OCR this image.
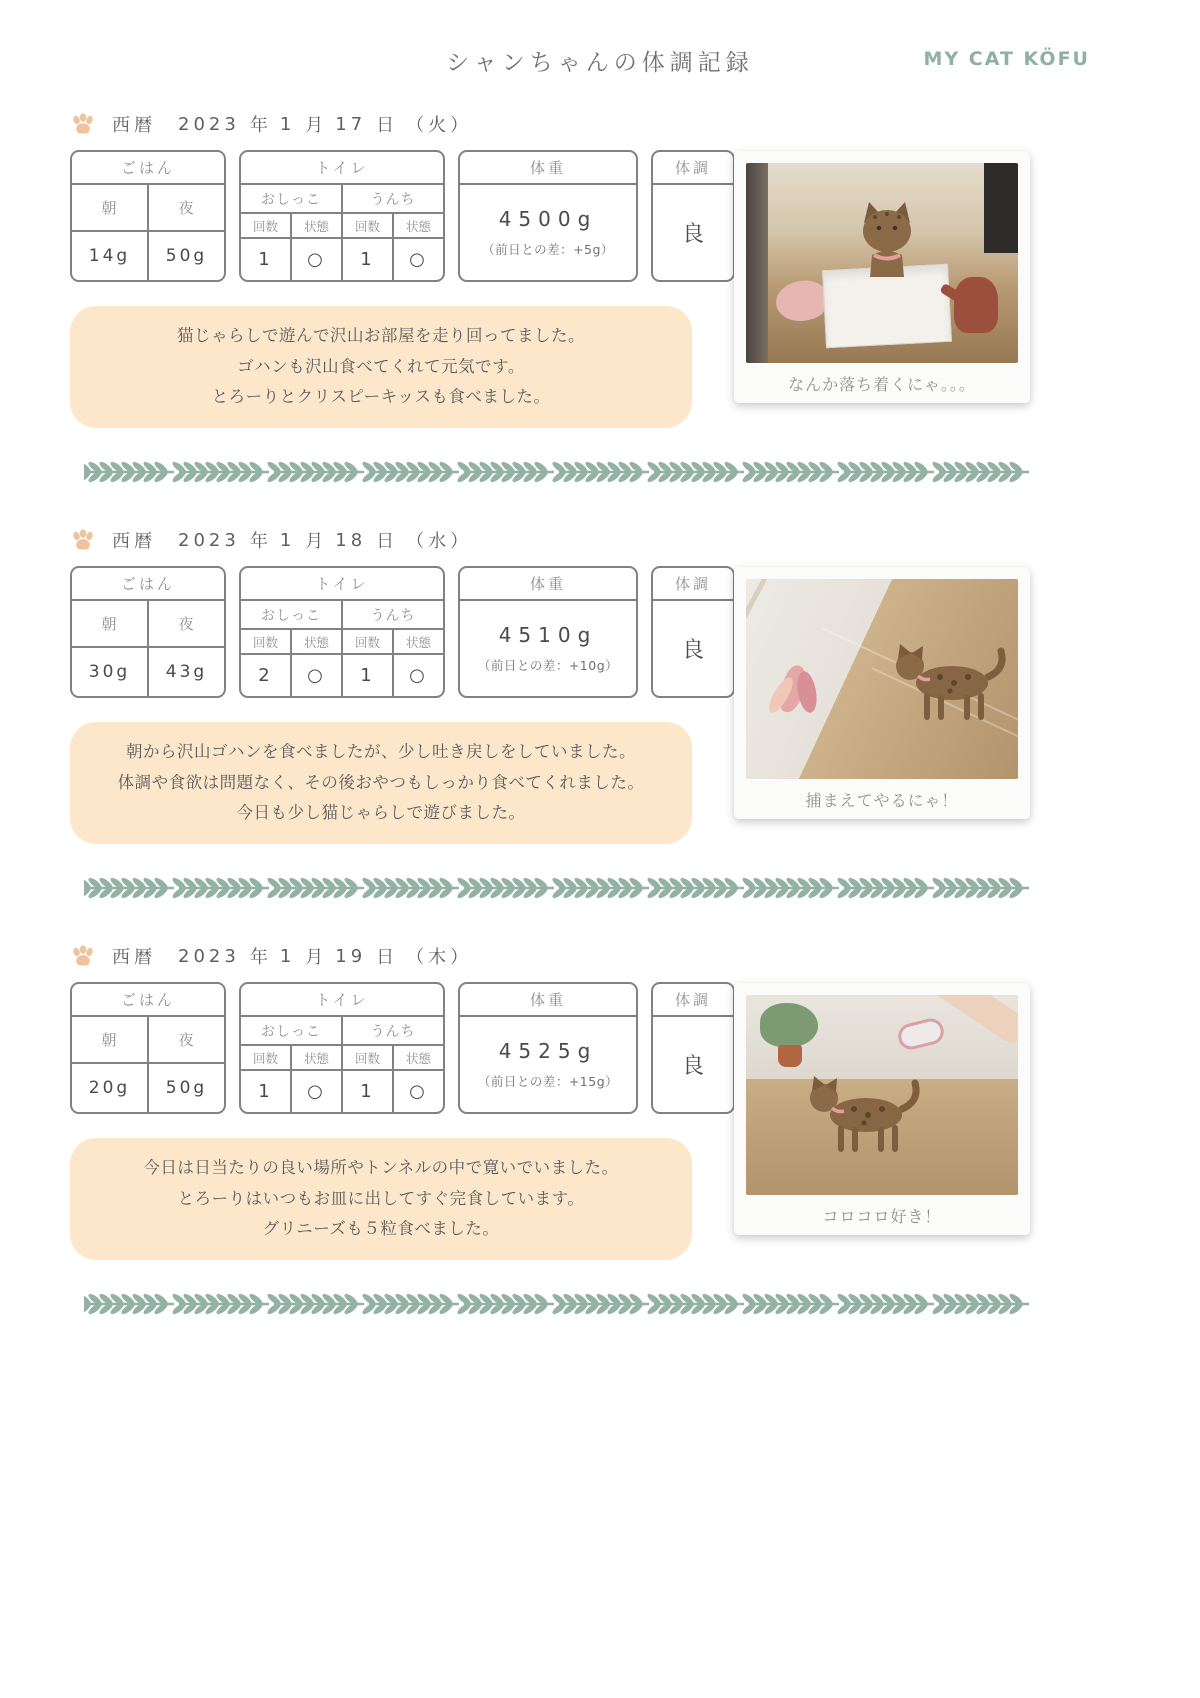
シャンちゃんの体調記録	MY CAT KÖFU
西暦 2023 年 1 月 17 日 （火）
ごはん
朝	夜
14g	50g
トイレ
おしっこ	うんち
回数	状態	回数	状態
1	○	1	○
体重
4500g
（前日との差：+5g）
体調
良
猫じゃらしで遊んで沢山お部屋を走り回ってました。
ゴハンも沢山食べてくれて元気です。
とろーりとクリスピーキッスも食べました。
なんか落ち着くにゃ。。。
西暦 2023 年 1 月 18 日 （水）
ごはん
朝	夜
30g	43g
トイレ
おしっこ	うんち
回数	状態	回数	状態
2	○	1	○
体重
4510g
（前日との差：+10g）
体調
良
朝から沢山ゴハンを食べましたが、少し吐き戻しをしていました。
体調や食欲は問題なく、その後おやつもしっかり食べてくれました。
今日も少し猫じゃらしで遊びました。
捕まえてやるにゃ！
西暦 2023 年 1 月 19 日 （木）
ごはん
朝	夜
20g	50g
トイレ
おしっこ	うんち
回数	状態	回数	状態
1	○	1	○
体重
4525g
（前日との差：+15g）
体調
良
今日は日当たりの良い場所やトンネルの中で寛いでいました。
とろーりはいつもお皿に出してすぐ完食しています。
グリニーズも５粒食べました。
コロコロ好き！
